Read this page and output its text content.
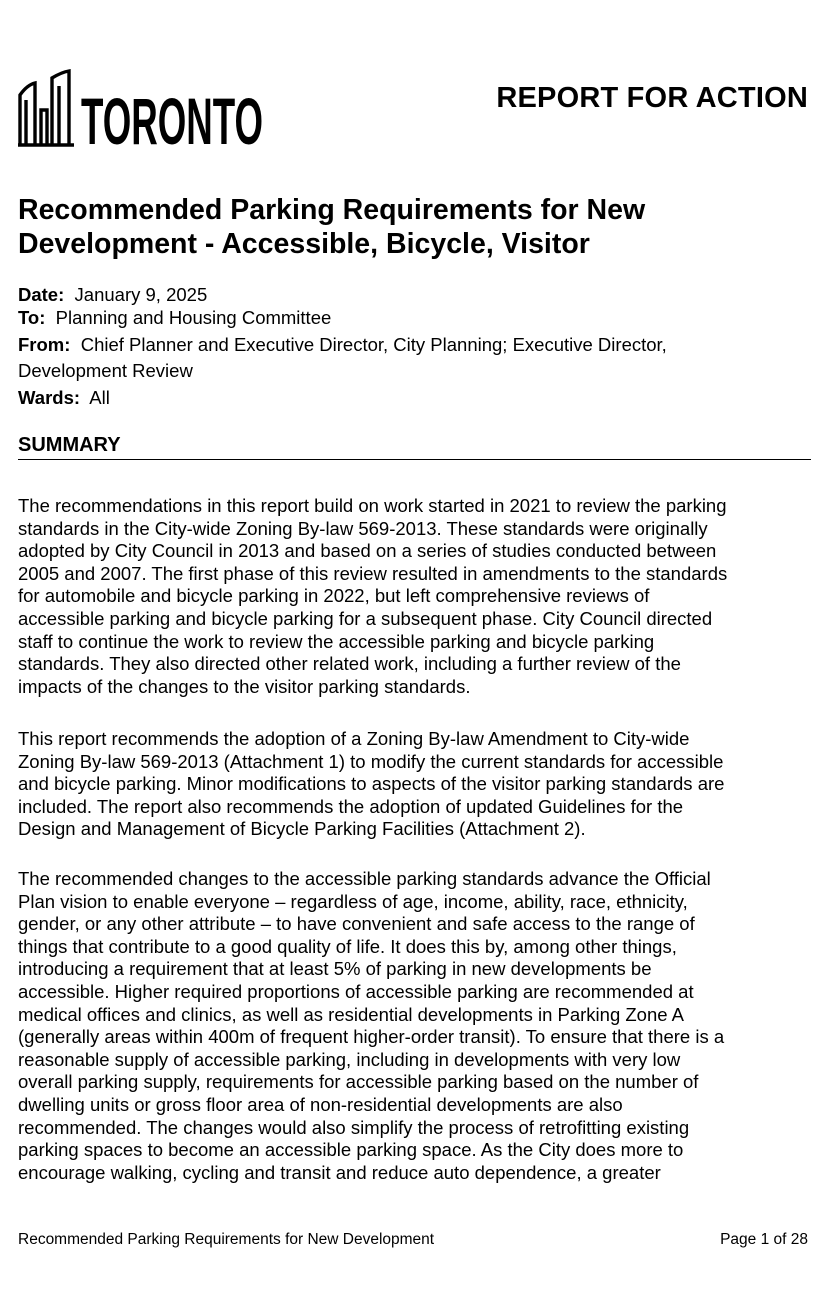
TORONTO	REPORT FOR ACTION
Recommended Parking Requirements for New
Development - Accessible, Bicycle, Visitor
Date: January 9, 2025
To: Planning and Housing Committee
From: Chief Planner and Executive Director, City Planning; Executive Director,
Development Review
Wards: All
SUMMARY
The recommendations in this report build on work started in 2021 to review the parking
standards in the City-wide Zoning By-law 569-2013. These standards were originally
adopted by City Council in 2013 and based on a series of studies conducted between
2005 and 2007. The first phase of this review resulted in amendments to the standards
for automobile and bicycle parking in 2022, but left comprehensive reviews of
accessible parking and bicycle parking for a subsequent phase. City Council directed
staff to continue the work to review the accessible parking and bicycle parking
standards. They also directed other related work, including a further review of the
impacts of the changes to the visitor parking standards.
This report recommends the adoption of a Zoning By-law Amendment to City-wide
Zoning By-law 569-2013 (Attachment 1) to modify the current standards for accessible
and bicycle parking. Minor modifications to aspects of the visitor parking standards are
included. The report also recommends the adoption of updated Guidelines for the
Design and Management of Bicycle Parking Facilities (Attachment 2).
The recommended changes to the accessible parking standards advance the Official
Plan vision to enable everyone – regardless of age, income, ability, race, ethnicity,
gender, or any other attribute – to have convenient and safe access to the range of
things that contribute to a good quality of life. It does this by, among other things,
introducing a requirement that at least 5% of parking in new developments be
accessible. Higher required proportions of accessible parking are recommended at
medical offices and clinics, as well as residential developments in Parking Zone A
(generally areas within 400m of frequent higher-order transit). To ensure that there is a
reasonable supply of accessible parking, including in developments with very low
overall parking supply, requirements for accessible parking based on the number of
dwelling units or gross floor area of non-residential developments are also
recommended. The changes would also simplify the process of retrofitting existing
parking spaces to become an accessible parking space. As the City does more to
encourage walking, cycling and transit and reduce auto dependence, a greater
Recommended Parking Requirements for New Development	Page 1 of 28
